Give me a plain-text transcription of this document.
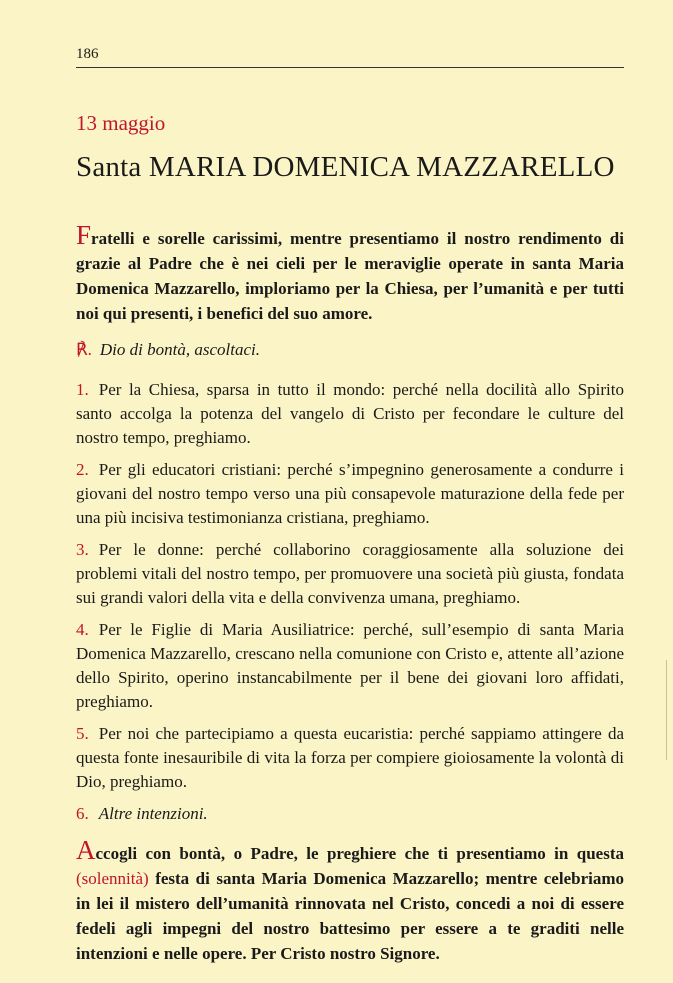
186
13 maggio
Santa MARIA DOMENICA MAZZARELLO

Fratelli e sorelle carissimi, mentre presentiamo il nostro rendimento di grazie al Padre che è nei cieli per le meraviglie operate in santa Maria Domenica Mazzarello, imploriamo per la Chiesa, per l’umanità e per tutti noi qui presenti, i benefici del suo amore.

℟. Dio di bontà, ascoltaci.
1. Per la Chiesa, sparsa in tutto il mondo: perché nella docilità allo Spirito santo accolga la potenza del vangelo di Cristo per fecondare le culture del nostro tempo, preghiamo.
2. Per gli educatori cristiani: perché s’impegnino generosamente a condurre i giovani del nostro tempo verso una più consapevole maturazione della fede per una più incisiva testimonianza cristiana, preghiamo.
3. Per le donne: perché collaborino coraggiosamente alla soluzione dei problemi vitali del nostro tempo, per promuovere una società più giusta, fondata sui grandi valori della vita e della convivenza umana, preghiamo.
4. Per le Figlie di Maria Ausiliatrice: perché, sull’esempio di santa Maria Domenica Mazzarello, crescano nella comunione con Cristo e, attente all’azione dello Spirito, operino instancabilmente per il bene dei giovani loro affidati, preghiamo.
5. Per noi che partecipiamo a questa eucaristia: perché sappiamo attingere da questa fonte inesauribile di vita la forza per compiere gioiosamente la volontà di Dio, preghiamo.
6. Altre intenzioni.

Accogli con bontà, o Padre, le preghiere che ti presentiamo in questa (solennità) festa di santa Maria Domenica Mazzarello; mentre celebriamo in lei il mistero dell’umanità rinnovata nel Cristo, concedi a noi di essere fedeli agli impegni del nostro battesimo per essere a te graditi nelle intenzioni e nelle opere. Per Cristo nostro Signore.
